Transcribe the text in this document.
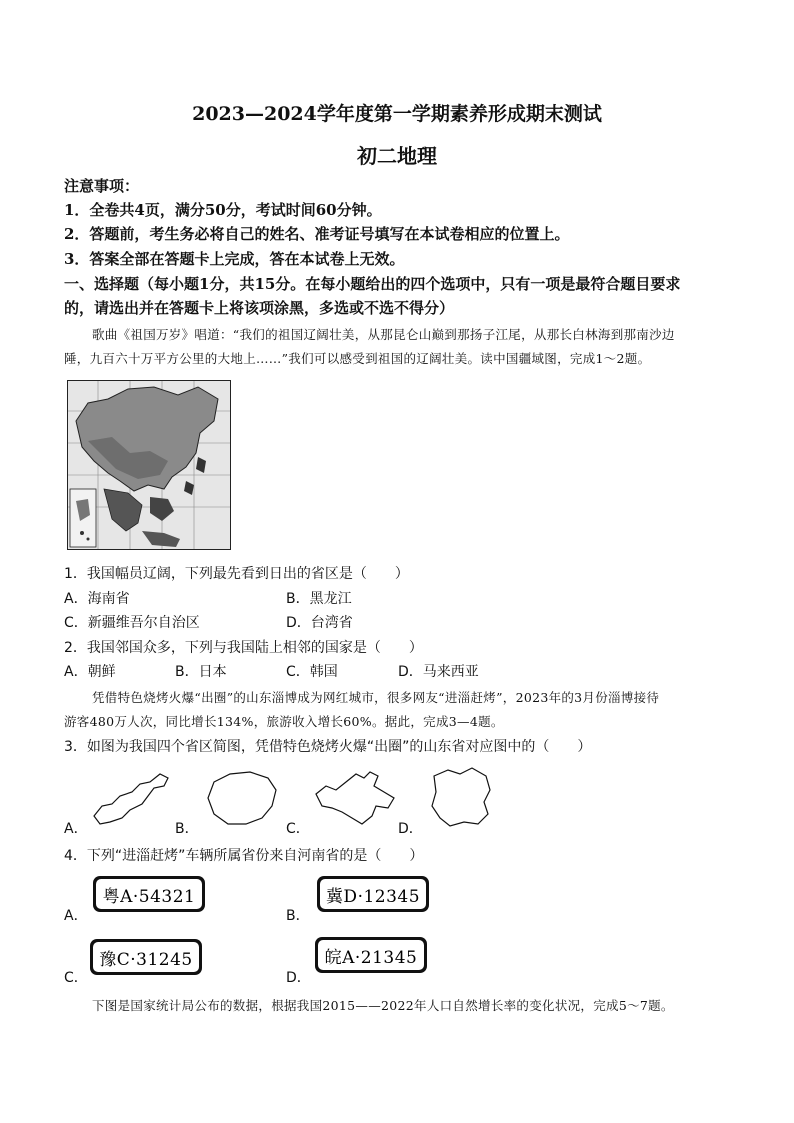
2023—2024学年度第一学期素养形成期末测试
初二地理
注意事项：
1．全卷共4页，满分50分，考试时间60分钟。
2．答题前，考生务必将自己的姓名、准考证号填写在本试卷相应的位置上。
3．答案全部在答题卡上完成，答在本试卷上无效。
一、选择题（每小题1分，共15分。在每小题给出的四个选项中，只有一项是最符合题目要求
的，请选出并在答题卡上将该项涂黑，多选或不选不得分）
歌曲《祖国万岁》唱道：“我们的祖国辽阔壮美，从那昆仑山巅到那扬子江尾，从那长白林海到那南沙边
陲，九百六十万平方公里的大地上……”我们可以感受到祖国的辽阔壮美。读中国疆域图，完成1～2题。
1．我国幅员辽阔，下列最先看到日出的省区是（　　）
A．海南省	B．黑龙江
C．新疆维吾尔自治区	D．台湾省
2．我国邻国众多，下列与我国陆上相邻的国家是（　　）
A．朝鲜	B．日本	C．韩国	D．马来西亚
凭借特色烧烤火爆“出圈”的山东淄博成为网红城市，很多网友“进淄赶烤”，2023年的3月份淄博接待
游客480万人次，同比增长134%，旅游收入增长60%。据此，完成3—4题。
3．如图为我国四个省区简图，凭借特色烧烤火爆“出圈”的山东省对应图中的（　　）
A．	B．	C．	D．
4．下列“进淄赶烤”车辆所属省份来自河南省的是（　　）
A．
粤A·54321
B．
冀D·12345
C．
豫C·31245
D．
皖A·21345
下图是国家统计局公布的数据，根据我国2015——2022年人口自然增长率的变化状况，完成5～7题。
